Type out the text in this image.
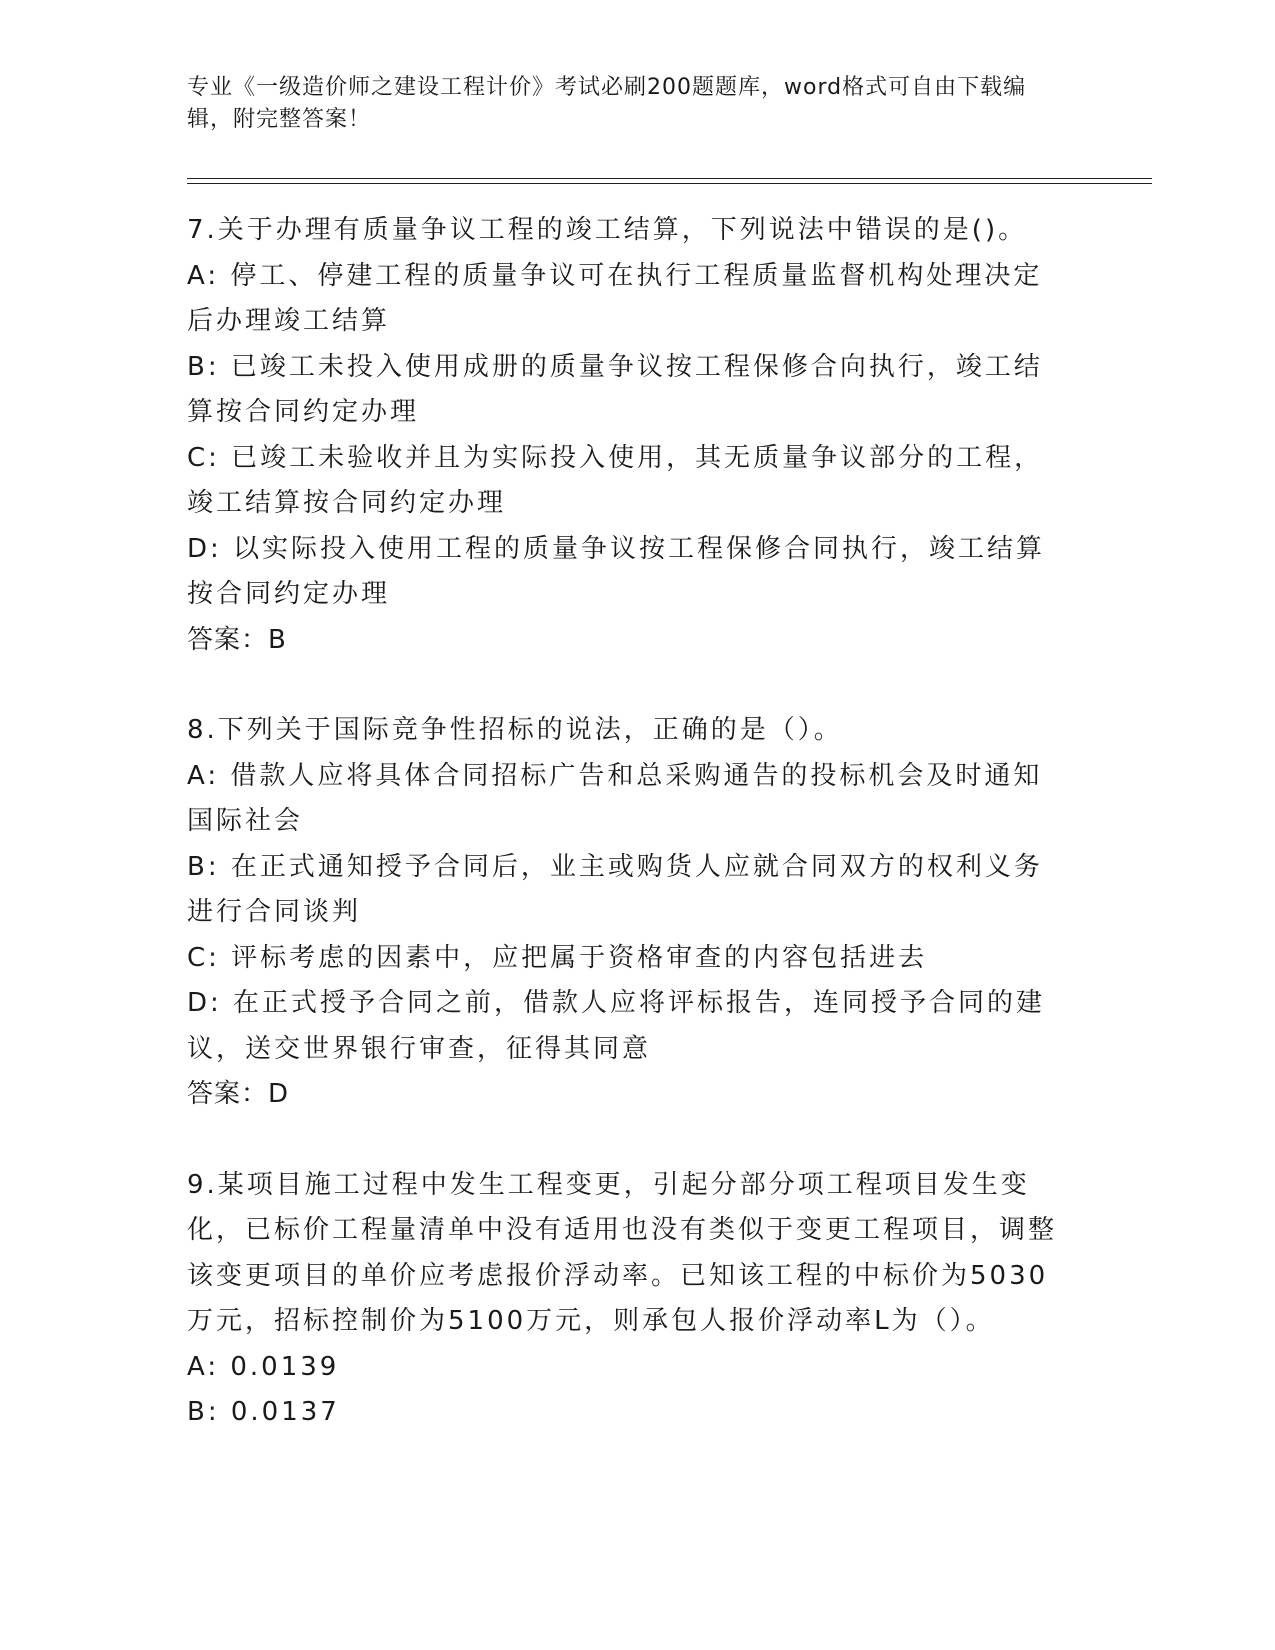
专业《一级造价师之建设工程计价》考试必刷200题题库，word格式可自由下载编辑，附完整答案！

7.关于办理有质量争议工程的竣工结算，下列说法中错误的是()。

A: 停工、停建工程的质量争议可在执行工程质量监督机构处理决定后办理竣工结算

B: 已竣工未投入使用成册的质量争议按工程保修合向执行，竣工结算按合同约定办理

C: 已竣工未验收并且为实际投入使用，其无质量争议部分的工程，竣工结算按合同约定办理

D: 以实际投入使用工程的质量争议按工程保修合同执行，竣工结算按合同约定办理

答案：B

8.下列关于国际竞争性招标的说法，正确的是（）。

A: 借款人应将具体合同招标广告和总采购通告的投标机会及时通知国际社会

B: 在正式通知授予合同后，业主或购货人应就合同双方的权利义务进行合同谈判

C: 评标考虑的因素中，应把属于资格审查的内容包括进去

D: 在正式授予合同之前，借款人应将评标报告，连同授予合同的建议，送交世界银行审查，征得其同意

答案：D

9.某项目施工过程中发生工程变更，引起分部分项工程项目发生变化，已标价工程量清单中没有适用也没有类似于变更工程项目，调整该变更项目的单价应考虑报价浮动率。已知该工程的中标价为5030万元，招标控制价为5100万元，则承包人报价浮动率L为（）。

A: 0.0139

B: 0.0137
